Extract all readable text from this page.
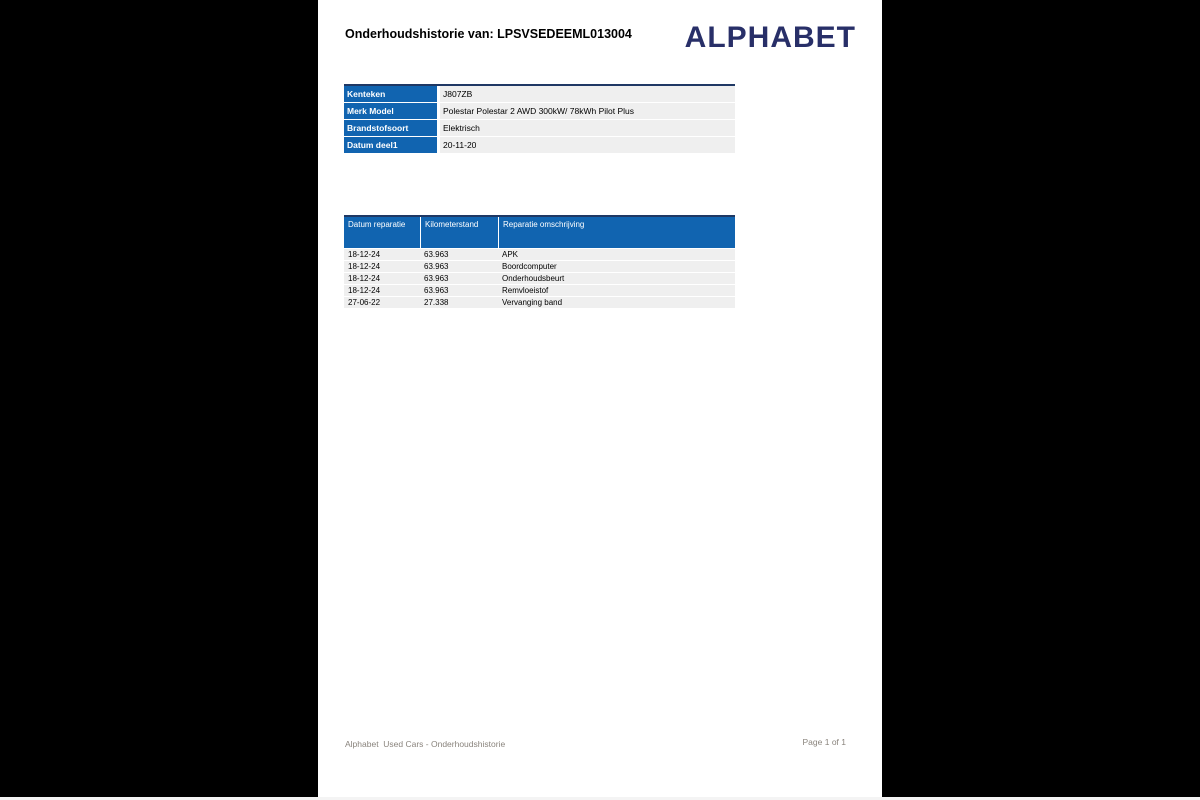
Onderhoudshistorie van: LPSVSEDEEML013004 ALPHABET
Kenteken	J807ZB
Merk Model	Polestar Polestar 2 AWD 300kW/ 78kWh Pilot Plus
Brandstofsoort	Elektrisch
Datum deel1	20-11-20
Datum reparatie	Kilometerstand	Reparatie omschrijving
18-12-24	63.963	APK
18-12-24	63.963	Boordcomputer
18-12-24	63.963	Onderhoudsbeurt
18-12-24	63.963	Remvloeistof
27-06-22	27.338	Vervanging band
Alphabet  Used Cars - Onderhoudshistorie	Page 1 of 1
